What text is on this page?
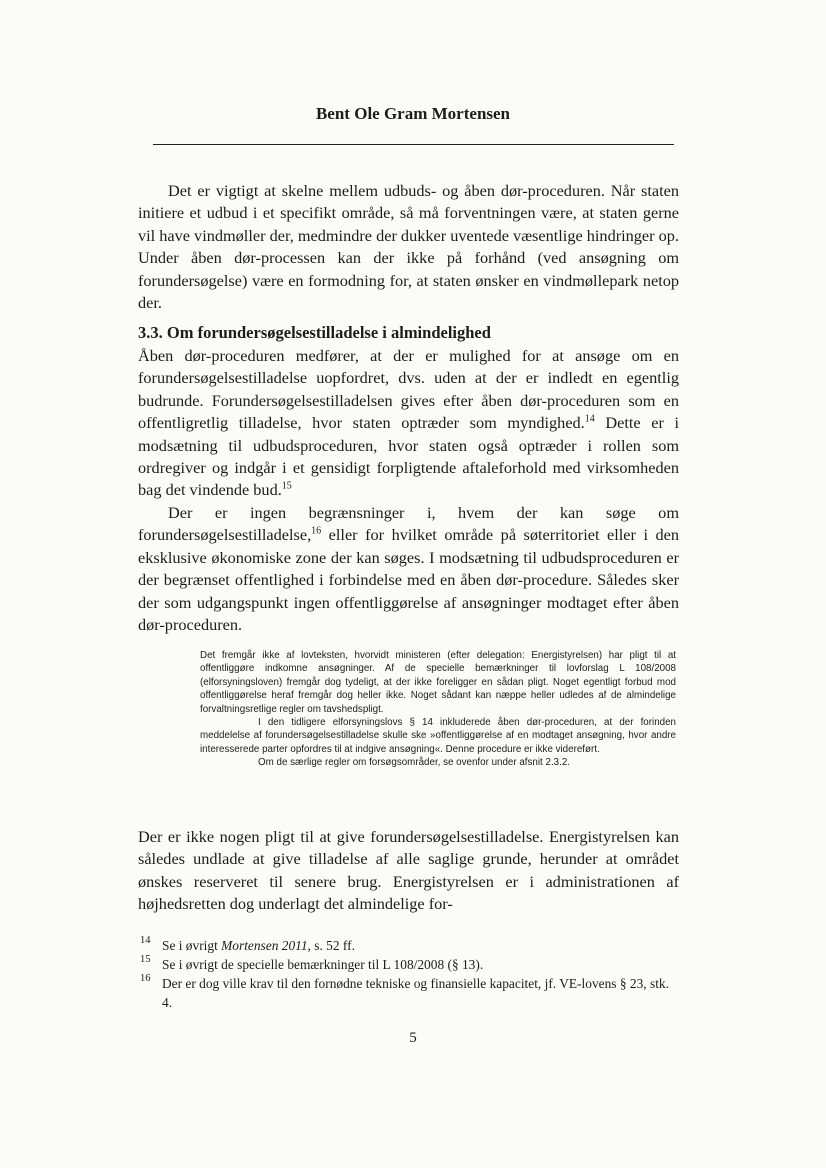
Bent Ole Gram Mortensen
Det er vigtigt at skelne mellem udbuds- og åben dør-proceduren. Når staten initiere et udbud i et specifikt område, så må forventningen være, at staten gerne vil have vindmøller der, medmindre der dukker uventede væsentlige hindringer op. Under åben dør-processen kan der ikke på forhånd (ved ansøgning om forundersøgelse) være en formodning for, at staten ønsker en vindmøllepark netop der.
3.3. Om forundersøgelsestilladelse i almindelighed
Åben dør-proceduren medfører, at der er mulighed for at ansøge om en forundersøgelsestilladelse uopfordret, dvs. uden at der er indledt en egentlig budrunde. Forundersøgelsestilladelsen gives efter åben dør-proceduren som en offentligretlig tilladelse, hvor staten optræder som myndighed.$^{14}$ Dette er i modsætning til udbudsproceduren, hvor staten også optræder i rollen som ordregiver og indgår i et gensidigt forpligtende aftaleforhold med virksomheden bag det vindende bud.$^{15}$
Der er ingen begrænsninger i, hvem der kan søge om forundersøgelsestilladelse,$^{16}$ eller for hvilket område på søterritoriet eller i den eksklusive økonomiske zone der kan søges. I modsætning til udbudsproceduren er der begrænset offentlighed i forbindelse med en åben dør-procedure. Således sker der som udgangspunkt ingen offentliggørelse af ansøgninger modtaget efter åben dør-proceduren.

Det fremgår ikke af lovteksten, hvorvidt ministeren (efter delegation: Energistyrelsen) har pligt til at offentliggøre indkomne ansøgninger. Af de specielle bemærkninger til lovforslag L 108/2008 (elforsyningsloven) fremgår dog tydeligt, at der ikke foreligger en sådan pligt. Noget egentligt forbud mod offentliggørelse heraf fremgår dog heller ikke. Noget sådant kan næppe heller udledes af de almindelige forvaltningsretlige regler om tavshedspligt.

I den tidligere elforsyningslovs § 14 inkluderede åben dør-proceduren, at der forinden meddelelse af forundersøgelsestilladelse skulle ske »offentliggørelse af en modtaget ansøgning, hvor andre interesserede parter opfordres til at indgive ansøgning«. Denne procedure er ikke videreført.

Om de særlige regler om forsøgsområder, se ovenfor under afsnit 2.3.2.

Der er ikke nogen pligt til at give forundersøgelsestilladelse. Energistyrelsen kan således undlade at give tilladelse af alle saglige grunde, herunder at området ønskes reserveret til senere brug. Energistyrelsen er i administrationen af højhedsretten dog underlagt det almindelige for-
14 Se i øvrigt Mortensen 2011, s. 52 ff.
15 Se i øvrigt de specielle bemærkninger til L 108/2008 (§ 13).
16 Der er dog ville krav til den fornødne tekniske og finansielle kapacitet, jf. VE-lovens § 23, stk. 4.
5
